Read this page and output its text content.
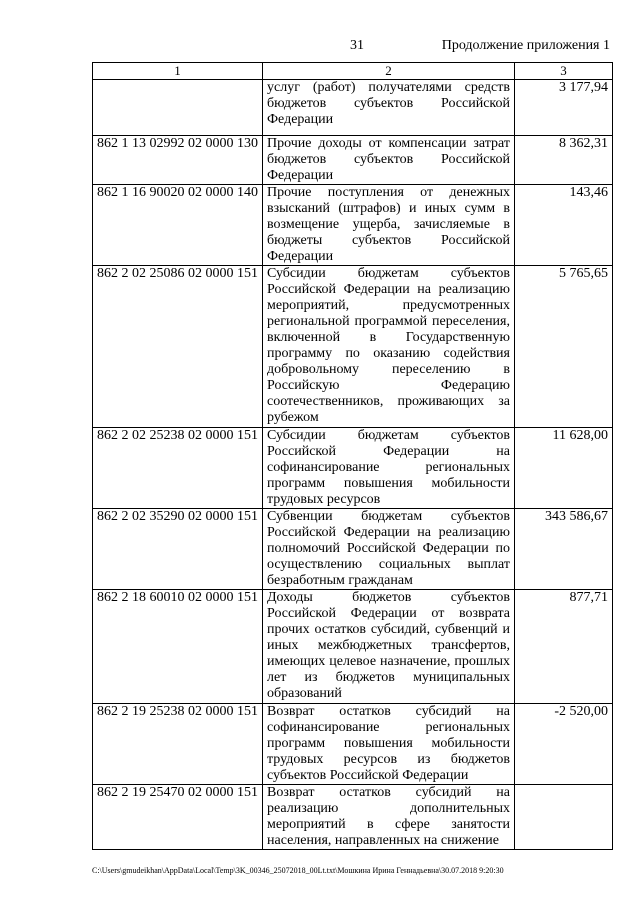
31	Продолжение приложения 1
1	2	3
	услуг (работ) получателями средств бюджетов субъектов Российской Федерации	3 177,94
862 1 13 02992 02 0000 130	Прочие доходы от компенсации затрат бюджетов субъектов Российской Федерации	8 362,31
862 1 16 90020 02 0000 140	Прочие поступления от денежных взысканий (штрафов) и иных сумм в возмещение ущерба, зачисляемые в бюджеты субъектов Российской Федерации	143,46
862 2 02 25086 02 0000 151	Субсидии бюджетам субъектов Российской Федерации на реализацию мероприятий, предусмотренных региональной программой переселения, включенной в Государственную программу по оказанию содействия добровольному переселению в Российскую Федерацию соотечественников, проживающих за рубежом	5 765,65
862 2 02 25238 02 0000 151	Субсидии бюджетам субъектов Российской Федерации на софинансирование региональных программ повышения мобильности трудовых ресурсов	11 628,00
862 2 02 35290 02 0000 151	Субвенции бюджетам субъектов Российской Федерации на реализацию полномочий Российской Федерации по осуществлению социальных выплат безработным гражданам	343 586,67
862 2 18 60010 02 0000 151	Доходы бюджетов субъектов Российской Федерации от возврата прочих остатков субсидий, субвенций и иных межбюджетных трансфертов, имеющих целевое назначение, прошлых лет из бюджетов муниципальных образований	877,71
862 2 19 25238 02 0000 151	Возврат остатков субсидий на софинансирование региональных программ повышения мобильности трудовых ресурсов из бюджетов субъектов Российской Федерации	-2 520,00
862 2 19 25470 02 0000 151	Возврат остатков субсидий на реализацию дополнительных мероприятий в сфере занятости населения, направленных на снижение	
C:\Users\gmudeikhan\AppData\Local\Temp\3K_00346_25072018_00Lt.txt\Мошкина Ирина Геннадьевна\30.07.2018 9:20:30
